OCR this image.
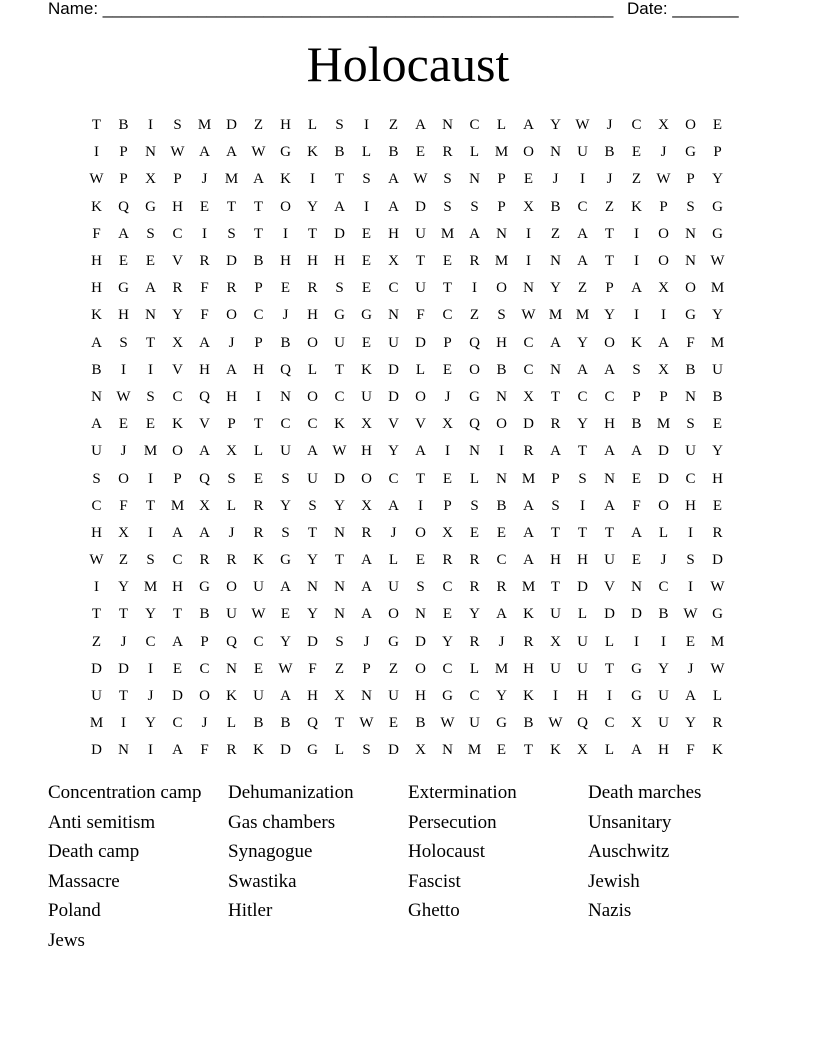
Name: ______________________________________________________ Date: _______
Holocaust
T	B	I	S	M D	Z	H	L	S	I	Z	A	N	C	L	A	Y W	J	C	X	O	E
I	P	N W A	A W G	K	B	L	B	E	R	L	M O	N	U	B	E	J	G	P
W	P	X	P	J	M A	K	I	T	S	A W	S	N	P	E	J	I	J	Z	W	P	Y
K	Q	G	H	E	T	T	O	Y	A	I	A	D	S	S	P	X	B	C	Z	K	P	S	G
F	A	S	C	I	S	T	I	T	D	E	H	U M A	N	I	Z	A	T	I	O	N	G
H	E	E	V	R	D	B	H	H	H	E	X	T	E	R	M	I	N	A	T	I	O	N W
H	G	A	R	F	R	P	E	R	S	E	C	U	T	I	O	N	Y	Z	P	A	X	O M
K	H	N	Y	F	O	C	J	H	G	G	N	F	C	Z	S	W M M Y	I	I	G	Y
A	S	T	X	A	J	P	B	O	U	E	U	D	P	Q	H	C	A	Y	O	K	A	F	M
B	I	I	V	H	A	H	Q	L	T	K	D	L	E	O	B	C	N	A	A	S	X	B	U
N W	S	C	Q	H	I	N	O	C	U	D	O	J	G	N	X	T	C	C	P	P	N	B
A	E	E	K	V	P	T	C	C	K	X	V	V	X	Q	O	D	R	Y	H	B	M	S	E
U	J	M O	A	X	L	U	A W H	Y	A	I	N	I	R	A	T	A	A	D	U	Y
S	O	I	P	Q	S	E	S	U	D	O	C	T	E	L	N M	P	S	N	E	D	C	H
C	F	T	M X	L	R	Y	S	Y	X	A	I	P	S	B	A	S	I	A	F	O	H	E
H	X	I	A	A	J	R	S	T	N	R	J	O	X	E	E	A	T	T	T	A	L	I	R
W	Z	S	C	R	R	K	G	Y	T	A	L	E	R	R	C	A	H	H	U	E	J	S	D
I	Y M H	G	O	U	A	N	N	A	U	S	C	R	R	M	T	D	V	N	C	I	W
T	T	Y	T	B	U W	E	Y	N	A	O	N	E	Y	A	K	U	L	D	D	B W G
Z	J	C	A	P	Q	C	Y	D	S	J	G	D	Y	R	J	R	X	U	L	I	I	E	M
D	D	I	E	C	N	E	W	F	Z	P	Z	O	C	L	M H	U	U	T	G	Y	J	W
U	T	J	D	O	K	U	A	H	X	N	U	H	G	C	Y	K	I	H	I	G	U	A	L
M	I	Y	C	J	L	B	B	Q	T	W	E	B W U	G	B W Q	C	X	U	Y	R
D	N	I	A	F	R	K	D	G	L	S	D	X	N M	E	T	K	X	L	A	H	F	K
Concentration camp	Dehumanization	Extermination	Death marches
Anti semitism	Gas chambers	Persecution	Unsanitary
Death camp	Synagogue	Holocaust	Auschwitz
Massacre	Swastika	Fascist	Jewish
Poland	Hitler	Ghetto	Nazis
Jews
